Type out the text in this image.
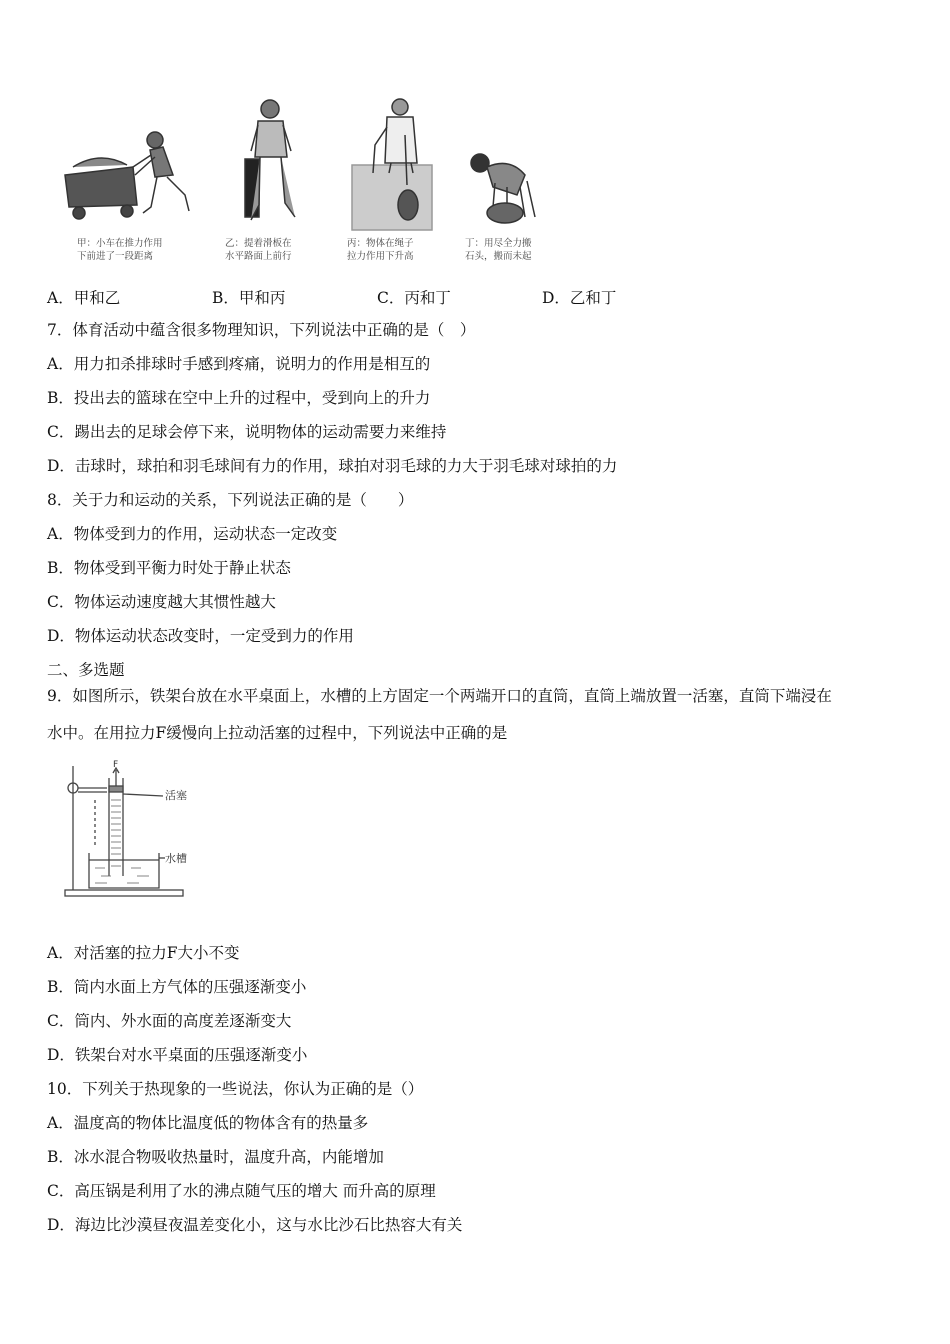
甲：小车在推力作用
下前进了一段距离
乙：提着滑板在
水平路面上前行
丙：物体在绳子
拉力作用下升高
丁：用尽全力搬
石头，搬而未起
A．甲和乙	B．甲和丙	C．丙和丁	D．乙和丁
7．体育活动中蕴含很多物理知识，下列说法中正确的是（　）
A．用力扣杀排球时手感到疼痛，说明力的作用是相互的
B．投出去的篮球在空中上升的过程中，受到向上的升力
C．踢出去的足球会停下来，说明物体的运动需要力来维持
D．击球时，球拍和羽毛球间有力的作用，球拍对羽毛球的力大于羽毛球对球拍的力
8．关于力和运动的关系，下列说法正确的是（　　）
A．物体受到力的作用，运动状态一定改变
B．物体受到平衡力时处于静止状态
C．物体运动速度越大其惯性越大
D．物体运动状态改变时，一定受到力的作用
二、多选题
9．如图所示，铁架台放在水平桌面上，水槽的上方固定一个两端开口的直筒，直筒上端放置一活塞，直筒下端浸在
水中。在用拉力F缓慢向上拉动活塞的过程中，下列说法中正确的是
F
活塞
水槽
A．对活塞的拉力F大小不变
B．筒内水面上方气体的压强逐渐变小
C．筒内、外水面的高度差逐渐变大
D．铁架台对水平桌面的压强逐渐变小
10．下列关于热现象的一些说法，你认为正确的是（）
A．温度高的物体比温度低的物体含有的热量多
B．冰水混合物吸收热量时，温度升高，内能增加
C．高压锅是利用了水的沸点随气压的增大 而升高的原理
D．海边比沙漠昼夜温差变化小，这与水比沙石比热容大有关
